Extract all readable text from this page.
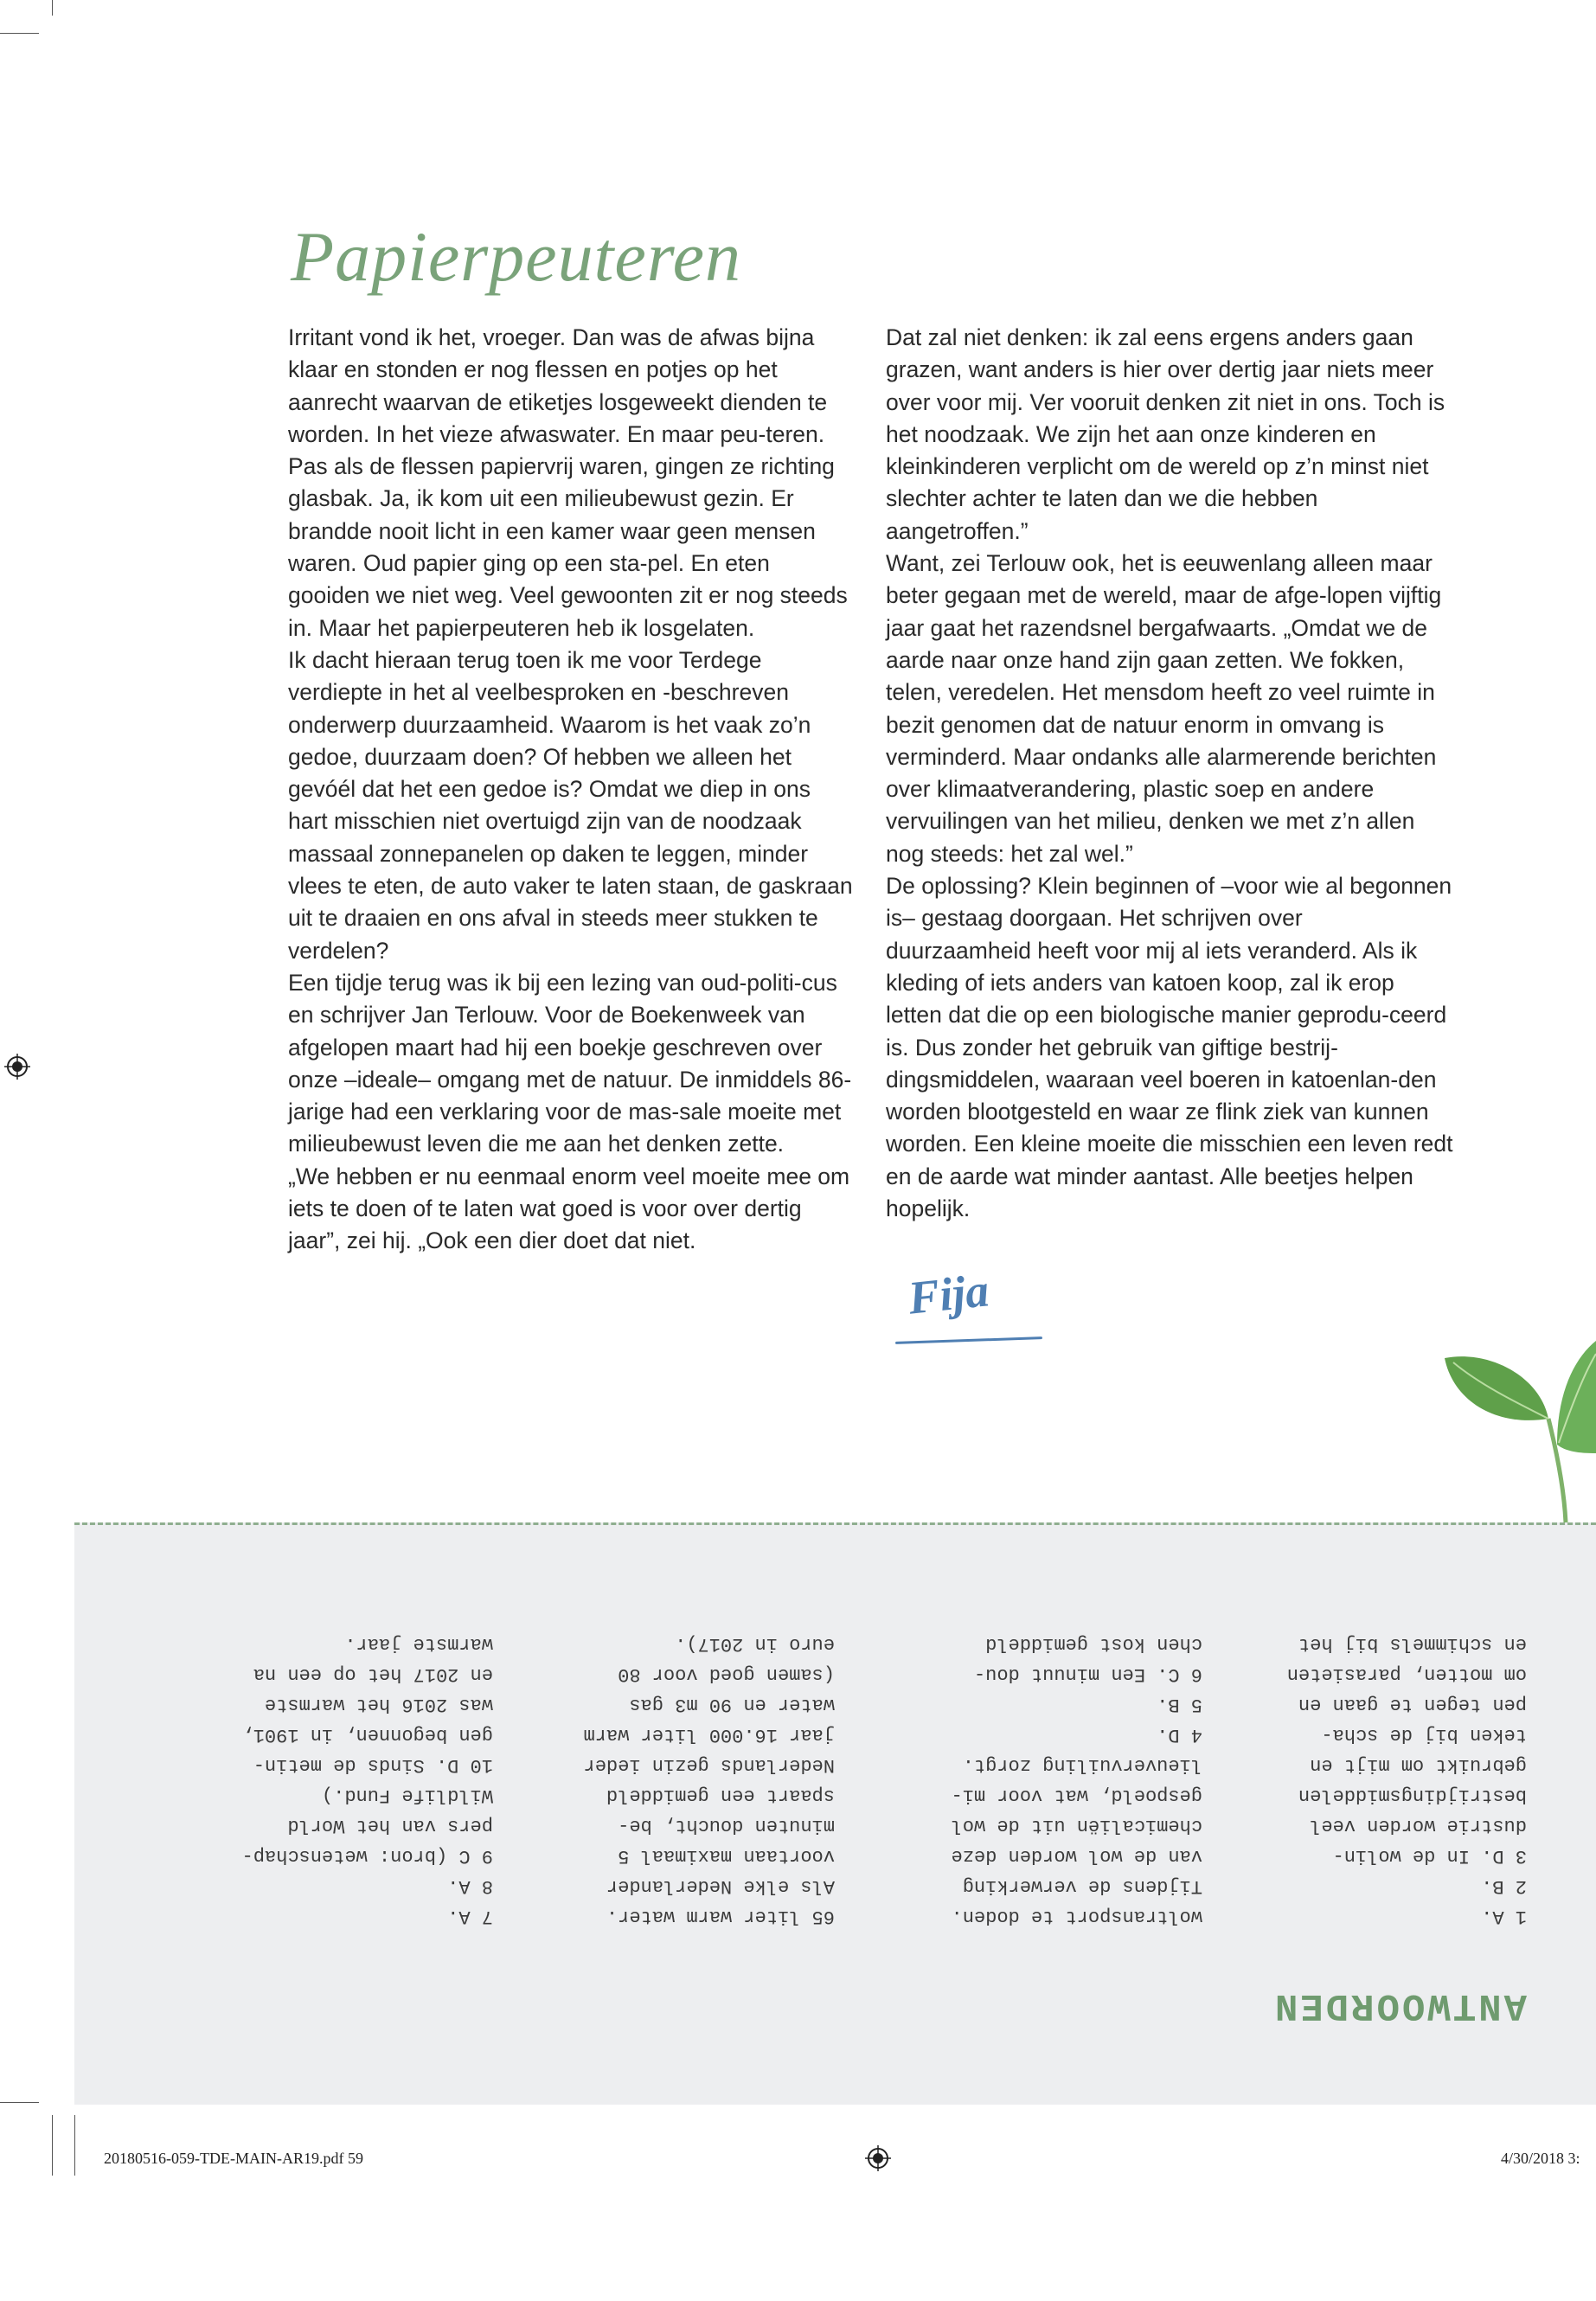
Papierpeuteren

Irritant vond ik het, vroeger. Dan was de afwas bijna klaar en stonden er nog flessen en potjes op het aanrecht waarvan de etiketjes losgeweekt dienden te worden. In het vieze afwaswater. En maar peu-teren. Pas als de flessen papiervrij waren, gingen ze richting glasbak. Ja, ik kom uit een milieubewust gezin. Er brandde nooit licht in een kamer waar geen mensen waren. Oud papier ging op een sta-pel. En eten gooiden we niet weg. Veel gewoonten zit er nog steeds in. Maar het papierpeuteren heb ik losgelaten.

Ik dacht hieraan terug toen ik me voor Terdege verdiepte in het al veelbesproken en -beschreven onderwerp duurzaamheid. Waarom is het vaak zo’n gedoe, duurzaam doen? Of hebben we alleen het gevóél dat het een gedoe is? Omdat we diep in ons hart misschien niet overtuigd zijn van de noodzaak massaal zonnepanelen op daken te leggen, minder vlees te eten, de auto vaker te laten staan, de gaskraan uit te draaien en ons afval in steeds meer stukken te verdelen?

Een tijdje terug was ik bij een lezing van oud-politi-cus en schrijver Jan Terlouw. Voor de Boekenweek van afgelopen maart had hij een boekje geschreven over onze –ideale– omgang met de natuur. De inmiddels 86-jarige had een verklaring voor de mas-sale moeite met milieubewust leven die me aan het denken zette.

„We hebben er nu eenmaal enorm veel moeite mee om iets te doen of te laten wat goed is voor over dertig jaar”, zei hij. „Ook een dier doet dat niet.

Dat zal niet denken: ik zal eens ergens anders gaan grazen, want anders is hier over dertig jaar niets meer over voor mij. Ver vooruit denken zit niet in ons. Toch is het noodzaak. We zijn het aan onze kinderen en kleinkinderen verplicht om de wereld op z’n minst niet slechter achter te laten dan we die hebben aangetroffen.”

Want, zei Terlouw ook, het is eeuwenlang alleen maar beter gegaan met de wereld, maar de afge-lopen vijftig jaar gaat het razendsnel bergafwaarts. „Omdat we de aarde naar onze hand zijn gaan zetten. We fokken, telen, veredelen. Het mensdom heeft zo veel ruimte in bezit genomen dat de natuur enorm in omvang is verminderd. Maar ondanks alle alarmerende berichten over klimaatverandering, plastic soep en andere vervuilingen van het milieu, denken we met z’n allen nog steeds: het zal wel.”

De oplossing? Klein beginnen of –voor wie al begonnen is– gestaag doorgaan. Het schrijven over duurzaamheid heeft voor mij al iets veranderd. Als ik kleding of iets anders van katoen koop, zal ik erop letten dat die op een biologische manier geprodu-ceerd is. Dus zonder het gebruik van giftige bestrij-dingsmiddelen, waaraan veel boeren in katoenlan-den worden blootgesteld en waar ze flink ziek van kunnen worden. Een kleine moeite die misschien een leven redt en de aarde wat minder aantast. Alle beetjes helpen hopelijk.

Fija
ANTWOORDEN
1 A.
2 B.
3 D. In de wolin-
dustrie worden veel
bestrijdingsmiddelen
gebruikt om mijt en
teken bij de scha-
pen tegen te gaan en
om motten, parasieten
en schimmels bij het
woltransport te doden.
Tijdens de verwerking
van de wol worden deze
chemicaliën uit de wol
gespoeld, wat voor mi-
lieuvervuiling zorgt.
4 D.
5 B.
6 C. Een minuut dou-
chen kost gemiddeld
65 liter warm water.
Als elke Nederlander
voortaan maximaal 5
minuten doucht, be-
spaart een gemiddeld
Nederlands gezin ieder
jaar 16.000 liter warm
water en 90 m3 gas
(samen goed voor 80
euro in 2017).
7 A.
8 A.
9 C (bron: wetenschap-
pers van het World
Wildlife Fund.)
10 D. Sinds de metin-
gen begonnen, in 1901,
was 2016 het warmste
en 2017 het op een na
warmste jaar.
20180516-059-TDE-MAIN-AR19.pdf 59	4/30/2018 3:
